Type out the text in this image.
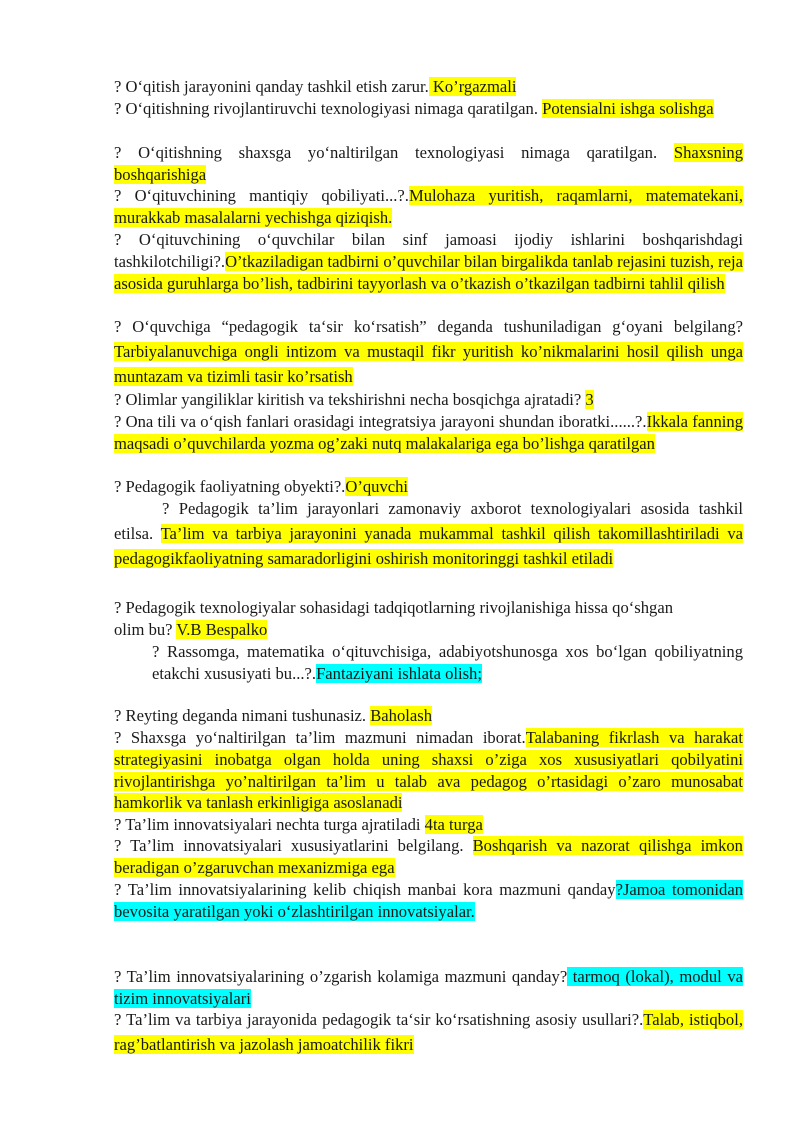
? O‘qitish jarayonini qanday tashkil etish zarur. Ko’rgazmali

? O‘qitishning rivojlantiruvchi texnologiyasi nimaga qaratilgan. Potensialni ishga solishga

? O‘qitishning shaxsga yo‘naltirilgan texnologiyasi nimaga qaratilgan. Shaxsning boshqarishiga

? O‘qituvchining mantiqiy qobiliyati...?.Mulohaza yuritish, raqamlarni, matematekani, murakkab masalalarni yechishga qiziqish.

? O‘qituvchining o‘quvchilar bilan sinf jamoasi ijodiy ishlarini boshqarishdagi tashkilotchiligi?.O’tkaziladigan tadbirni o’quvchilar bilan birgalikda tanlab rejasini tuzish, reja asosida guruhlarga bo’lish, tadbirini tayyorlash va o’tkazish o’tkazilgan tadbirni tahlil qilish

? O‘quvchiga “pedagogik ta‘sir ko‘rsatish” deganda tushuniladigan g‘oyani belgilang? Tarbiyalanuvchiga ongli intizom va mustaqil fikr yuritish ko’nikmalarini hosil qilish unga muntazam va tizimli tasir ko’rsatish

? Olimlar yangiliklar kiritish va tekshirishni necha bosqichga ajratadi? 3

? Ona tili va o‘qish fanlari orasidagi integratsiya jarayoni shundan iboratki......?.Ikkala fanning maqsadi o’quvchilarda yozma og’zaki nutq malakalariga ega bo’lishga qaratilgan

? Pedagogik faoliyatning obyekti?.O’quvchi

? Pedagogik ta’lim jarayonlari zamonaviy axborot texnologiyalari asosida tashkil etilsa. Ta’lim va tarbiya jarayonini yanada mukammal tashkil qilish takomillashtiriladi va pedagogikfaoliyatning samaradorligini oshirish monitoringgi tashkil etiladi

? Pedagogik texnologiyalar sohasidagi tadqiqotlarning rivojlanishiga hissa qo‘shgan olim bu? V.B Bespalko

? Rassomga, matematika o‘qituvchisiga, adabiyotshunosga xos bo‘lgan qobiliyatning etakchi xususiyati bu...?.Fantaziyani ishlata olish;

? Reyting deganda nimani tushunasiz. Baholash

? Shaxsga yo‘naltirilgan ta’lim mazmuni nimadan iborat.Talabaning fikrlash va harakat strategiyasini inobatga olgan holda uning shaxsi o’ziga xos xususiyatlari qobilyatini rivojlantirishga yo’naltirilgan ta’lim u talab ava pedagog o’rtasidagi o’zaro munosabat hamkorlik va tanlash erkinligiga asoslanadi

? Ta’lim innovatsiyalari nechta turga ajratiladi 4ta turga

? Ta’lim innovatsiyalari xususiyatlarini belgilang. Boshqarish va nazorat qilishga imkon beradigan o’zgaruvchan mexanizmiga ega

? Ta’lim innovatsiyalarining kelib chiqish manbai kora mazmuni qanday?Jamoa tomonidan bevosita yaratilgan yoki o‘zlashtirilgan innovatsiyalar.

? Ta’lim innovatsiyalarining o’zgarish kolamiga mazmuni qanday? tarmoq (lokal), modul va tizim innovatsiyalari

? Ta’lim va tarbiya jarayonida pedagogik ta‘sir ko‘rsatishning asosiy usullari?.Talab, istiqbol, rag’batlantirish va jazolash jamoatchilik fikri
